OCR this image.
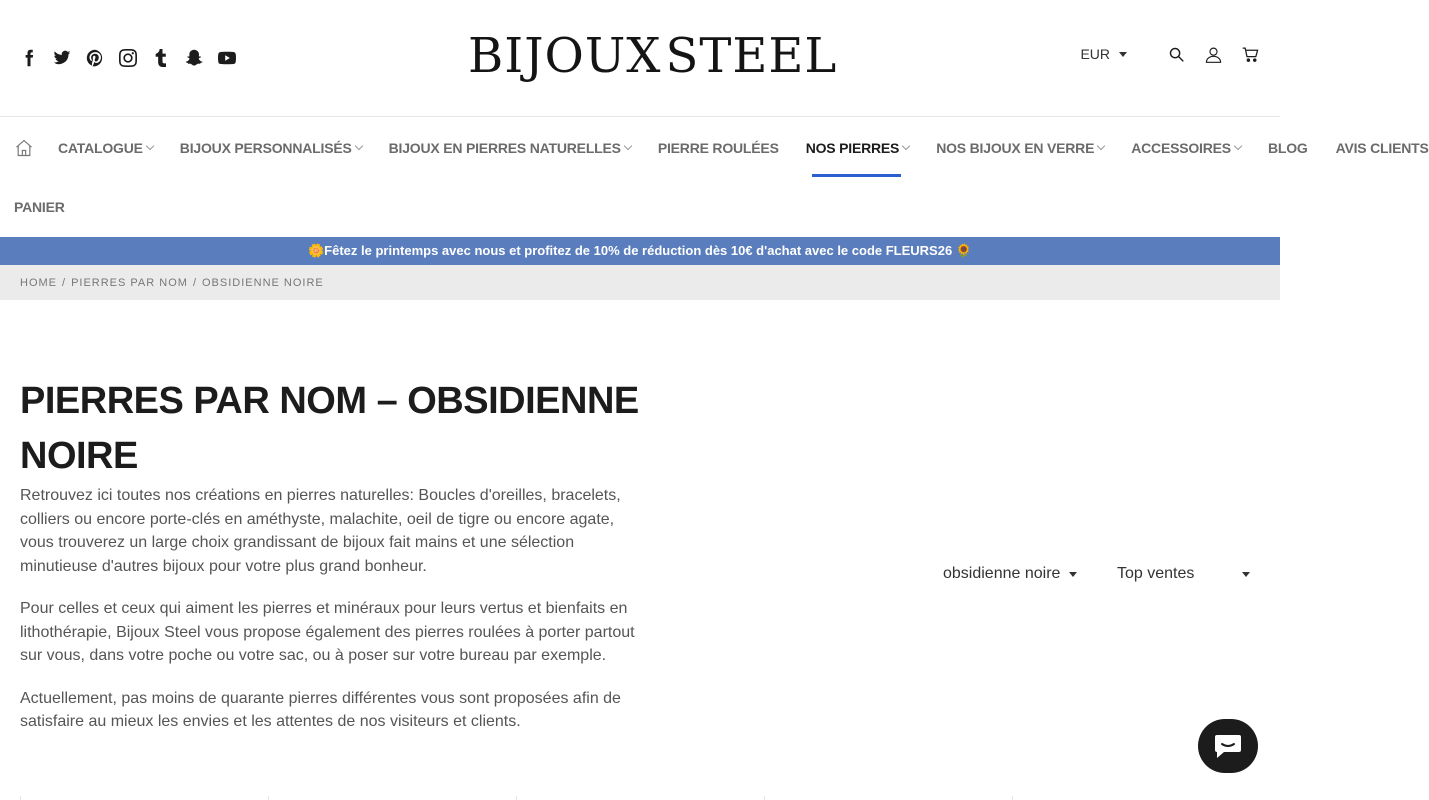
BIJOUX STEEL	EUR
CATALOGUE	BIJOUX PERSONNALISÉS	BIJOUX EN PIERRES NATURELLES	PIERRE ROULÉES NOS PIERRES	NOS BIJOUX EN VERRE	ACCESSOIRES	BLOG AVIS CLIENTS
PANIER
🌼Fêtez le printemps avec nous et profitez de 10% de réduction dès 10€ d'achat avec le code FLEURS26 🌻
HOME / PIERRES PAR NOM / OBSIDIENNE NOIRE
PIERRES PAR NOM – OBSIDIENNE NOIRE

Retrouvez ici toutes nos créations en pierres naturelles: Boucles d'oreilles, bracelets, colliers ou encore porte-clés en améthyste, malachite, oeil de tigre ou encore agate, vous trouverez un large choix grandissant de bijoux fait mains et une sélection minutieuse d'autres bijoux pour votre plus grand bonheur.

Pour celles et ceux qui aiment les pierres et minéraux pour leurs vertus et bienfaits en lithothérapie, Bijoux Steel vous propose également des pierres roulées à porter partout sur vous, dans votre poche ou votre sac, ou à poser sur votre bureau par exemple.

Actuellement, pas moins de quarante pierres différentes vous sont proposées afin de satisfaire au mieux les envies et les attentes de nos visiteurs et clients.

obsidienne noire	Top ventes
